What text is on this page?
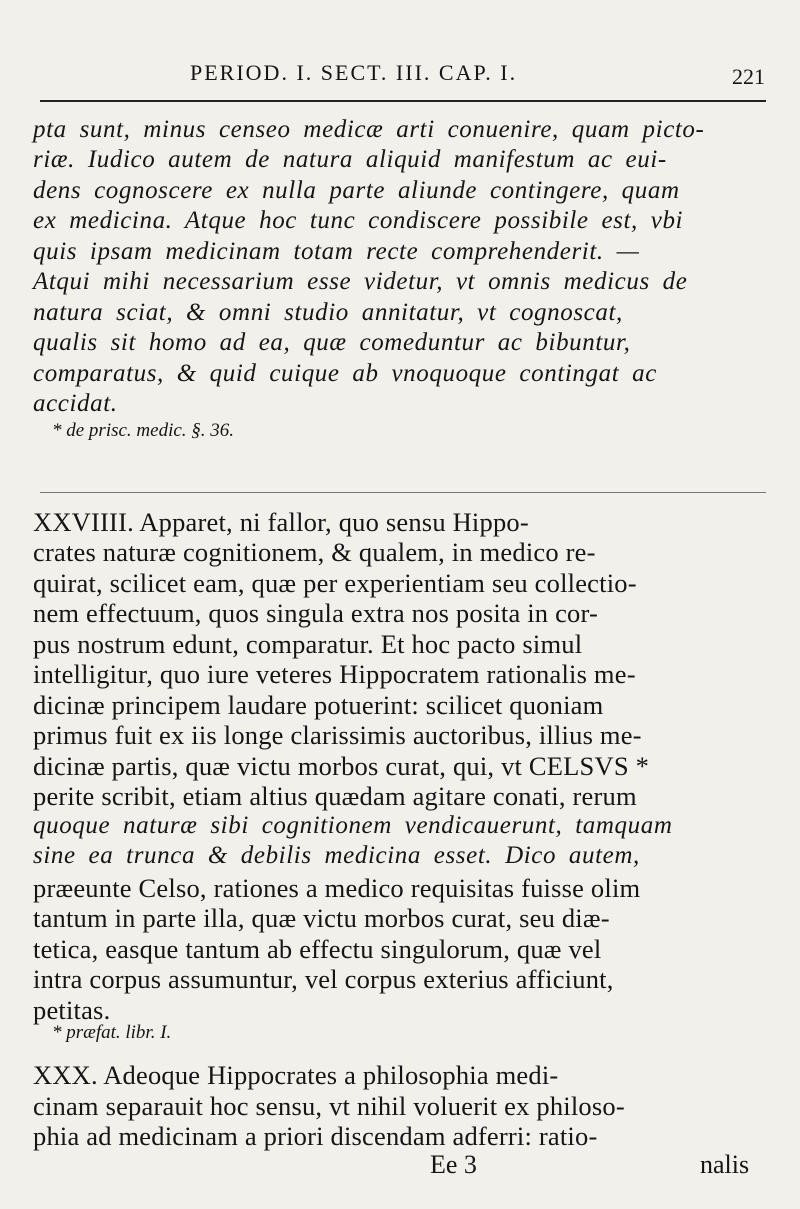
PERIOD. I. SECT. III. CAP. I.	221
pta sunt, minus censeo medicæ arti conuenire, quam picto-
riæ. Iudico autem de natura aliquid manifestum ac eui-
dens cognoscere ex nulla parte aliunde contingere, quam
ex medicina. Atque hoc tunc condiscere possibile est, vbi
quis ipsam medicinam totam recte comprehenderit. —
Atqui mihi necessarium esse videtur, vt omnis medicus de
natura sciat, & omni studio annitatur, vt cognoscat,
qualis sit homo ad ea, quæ comeduntur ac bibuntur,
comparatus, & quid cuique ab vnoquoque contingat ac
accidat.
* de prisc. medic. §. 36.
XXVIIII. Apparet, ni fallor, quo sensu Hippo-
crates naturæ cognitionem, & qualem, in medico re-
quirat, scilicet eam, quæ per experientiam seu collectio-
nem effectuum, quos singula extra nos posita in cor-
pus nostrum edunt, comparatur. Et hoc pacto simul
intelligitur, quo iure veteres Hippocratem rationalis me-
dicinæ principem laudare potuerint: scilicet quoniam
primus fuit ex iis longe clarissimis auctoribus, illius me-
dicinæ partis, quæ victu morbos curat, qui, vt CELSVS *
perite scribit, etiam altius quædam agitare conati, rerum
quoque naturæ sibi cognitionem vendicauerunt, tamquam
sine ea trunca & debilis medicina esset. Dico autem,
præeunte Celso, rationes a medico requisitas fuisse olim
tantum in parte illa, quæ victu morbos curat, seu diæ-
tetica, easque tantum ab effectu singulorum, quæ vel
intra corpus assumuntur, vel corpus exterius afficiunt,
petitas.
* præfat. libr. I.
XXX. Adeoque Hippocrates a philosophia medi-
cinam separauit hoc sensu, vt nihil voluerit ex philoso-
phia ad medicinam a priori discendam adferri: ratio-
Ee 3	nalis
